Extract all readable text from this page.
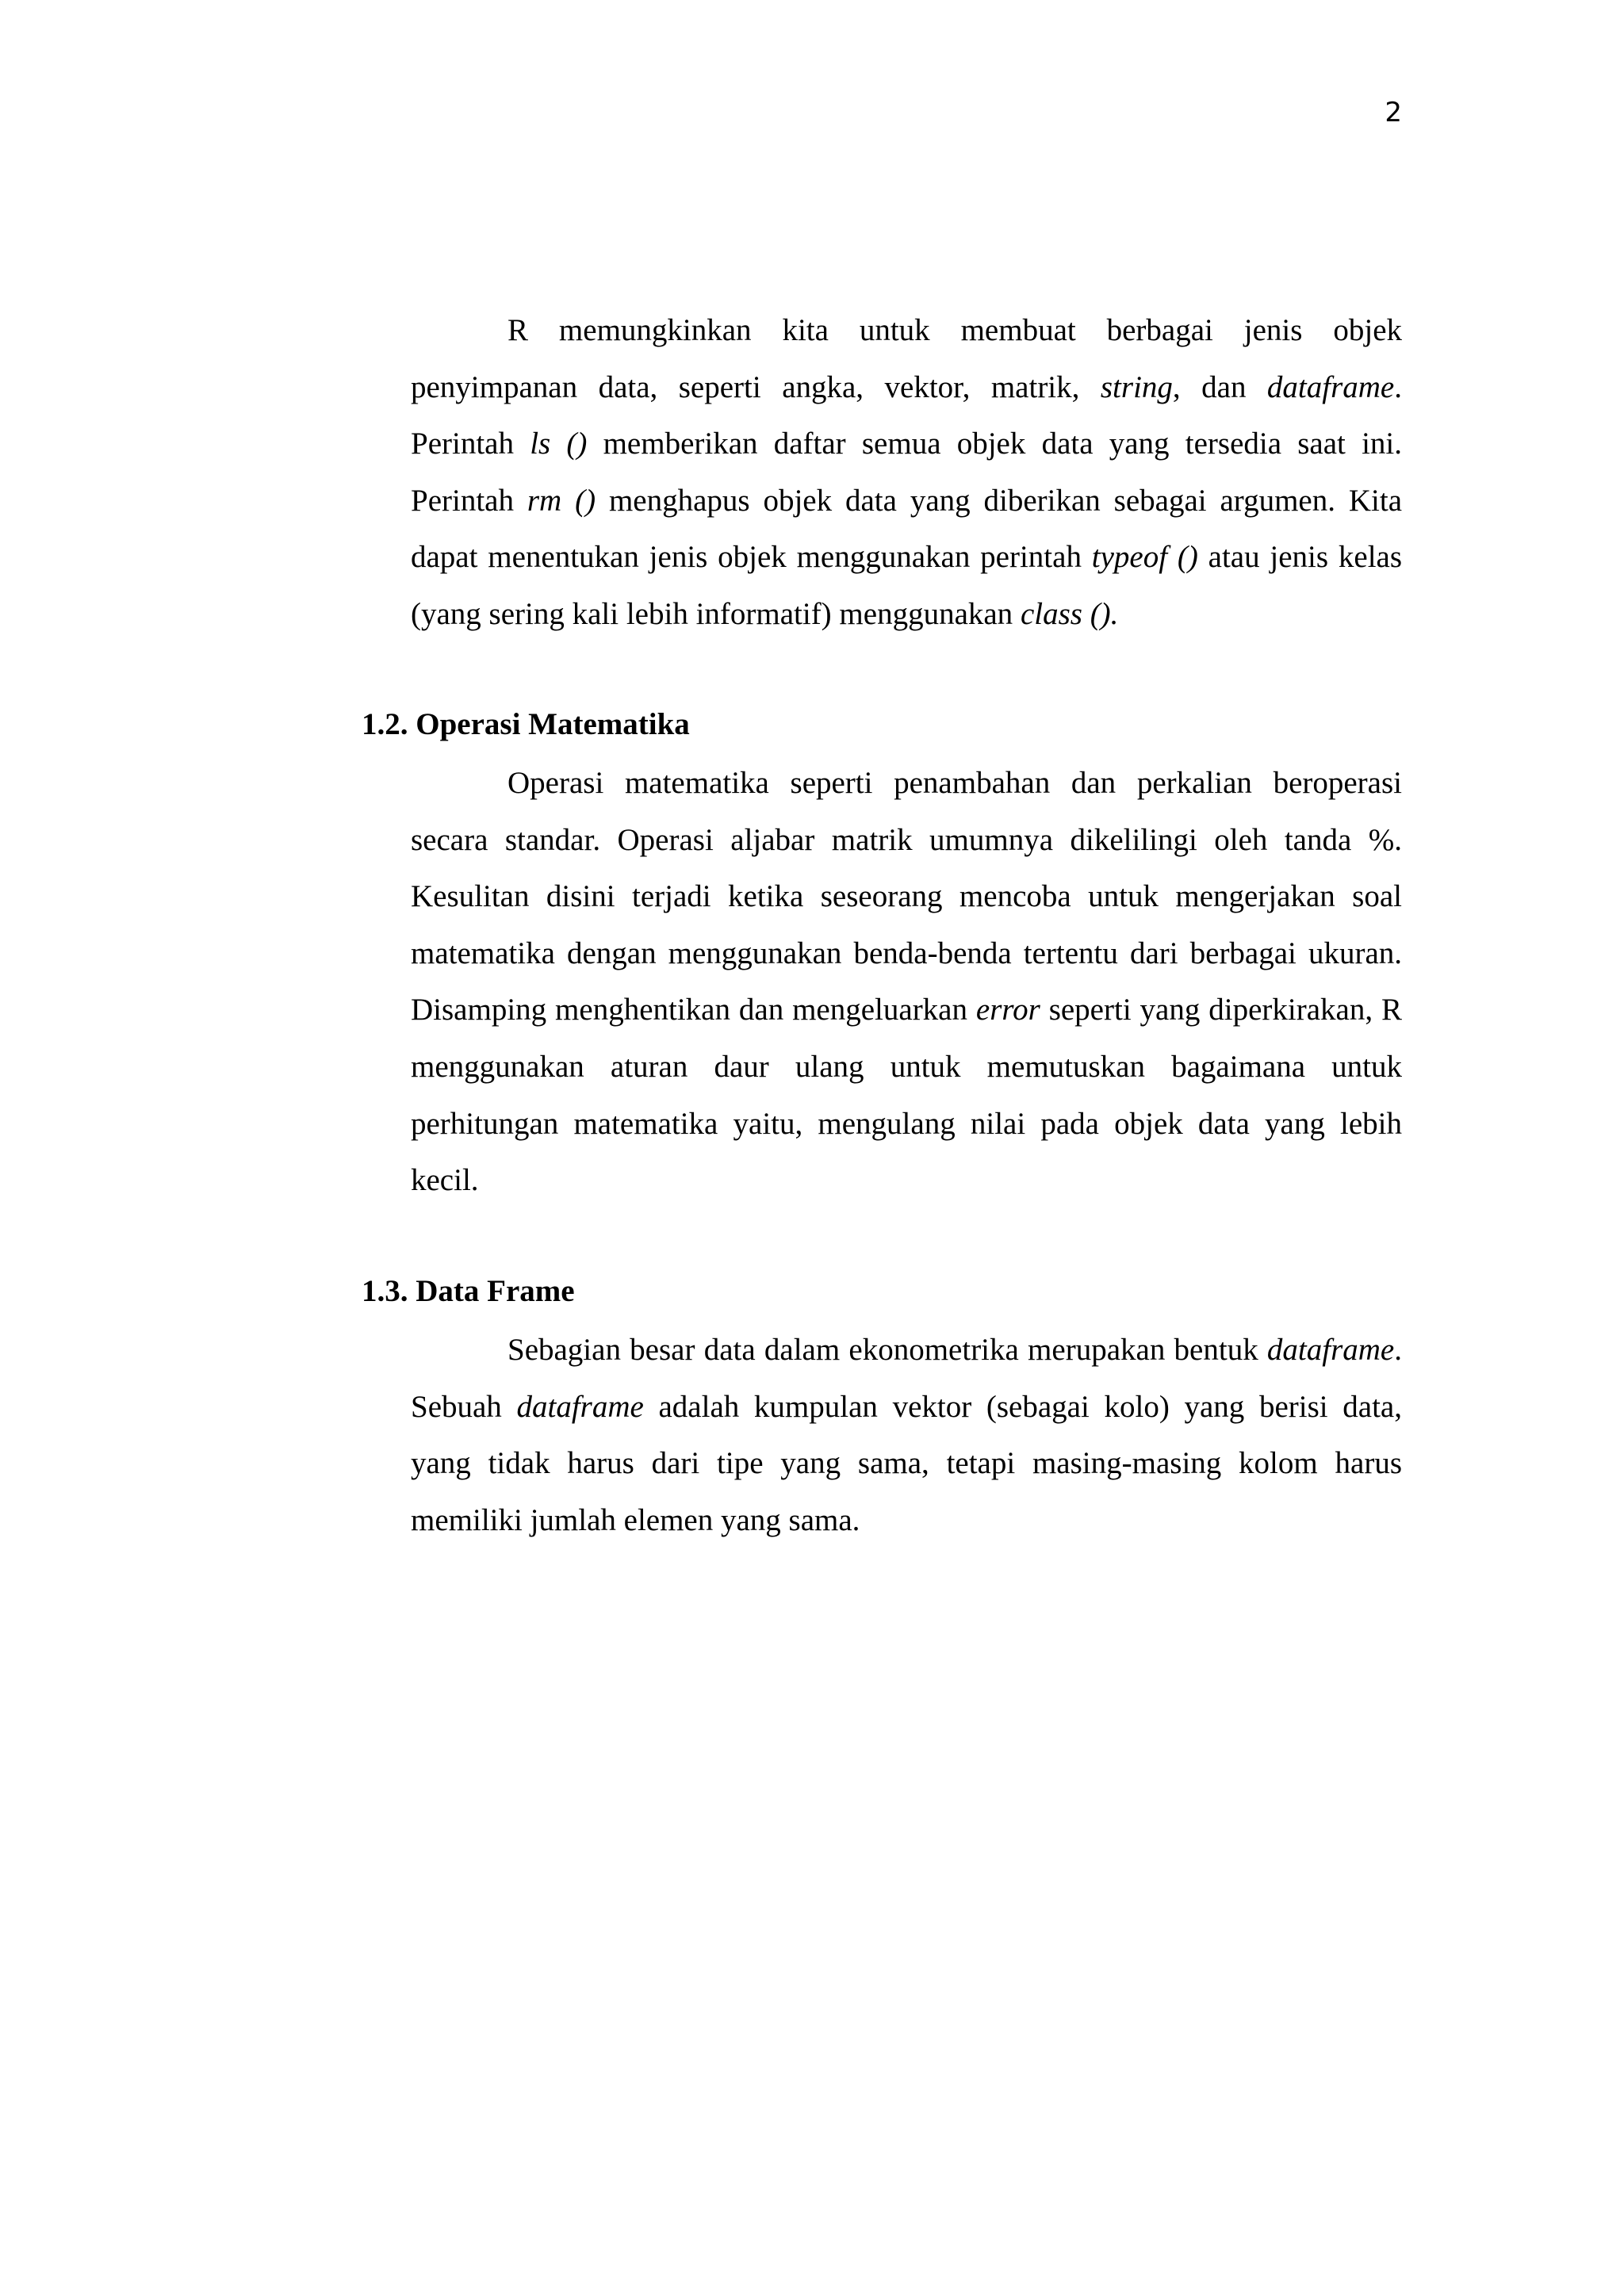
2

R memungkinkan kita untuk membuat berbagai jenis objek penyimpanan data, seperti angka, vektor, matrik, string, dan dataframe. Perintah ls () memberikan daftar semua objek data yang tersedia saat ini. Perintah rm () menghapus objek data yang diberikan sebagai argumen. Kita dapat menentukan jenis objek menggunakan perintah typeof () atau jenis kelas (yang sering kali lebih informatif) menggunakan class ().

1.2. Operasi Matematika

Operasi matematika seperti penambahan dan perkalian beroperasi secara standar. Operasi aljabar matrik umumnya dikelilingi oleh tanda %. Kesulitan disini terjadi ketika seseorang mencoba untuk mengerjakan soal matematika dengan menggunakan benda-benda tertentu dari berbagai ukuran. Disamping menghentikan dan mengeluarkan error seperti yang diperkirakan, R menggunakan aturan daur ulang untuk memutuskan bagaimana untuk perhitungan matematika yaitu, mengulang nilai pada objek data yang lebih kecil.

1.3. Data Frame

Sebagian besar data dalam ekonometrika merupakan bentuk dataframe. Sebuah dataframe adalah kumpulan vektor (sebagai kolo) yang berisi data, yang tidak harus dari tipe yang sama, tetapi masing-masing kolom harus memiliki jumlah elemen yang sama.
